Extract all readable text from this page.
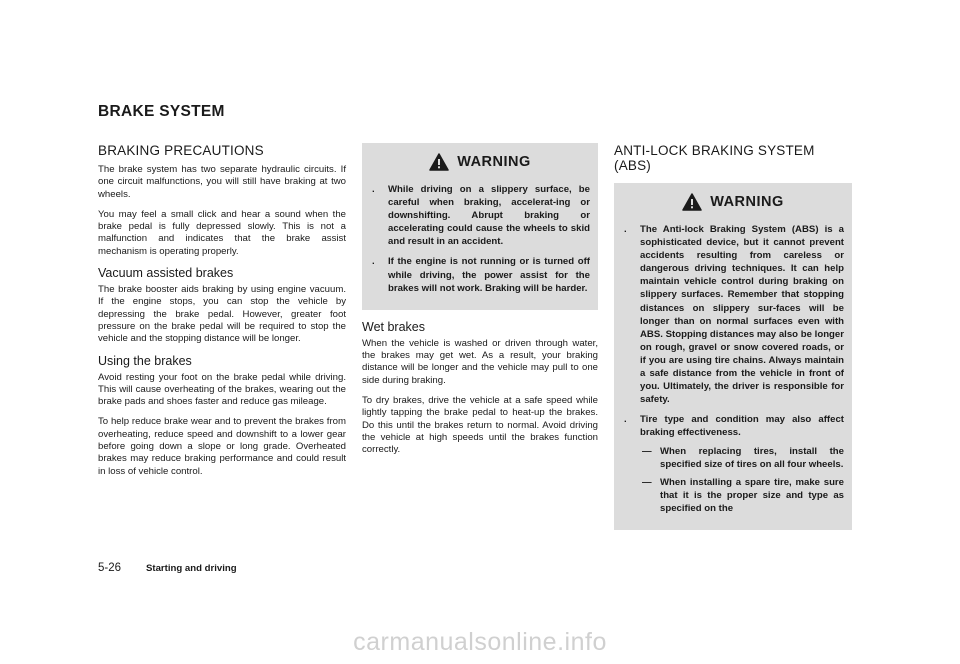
BRAKE SYSTEM
BRAKING PRECAUTIONS

The brake system has two separate hydraulic circuits. If one circuit malfunctions, you will still have braking at two wheels.

You may feel a small click and hear a sound when the brake pedal is fully depressed slowly. This is not a malfunction and indicates that the brake assist mechanism is operating properly.

Vacuum assisted brakes

The brake booster aids braking by using engine vacuum. If the engine stops, you can stop the vehicle by depressing the brake pedal. However, greater foot pressure on the brake pedal will be required to stop the vehicle and the stopping distance will be longer.

Using the brakes

Avoid resting your foot on the brake pedal while driving. This will cause overheating of the brakes, wearing out the brake pads and shoes faster and reduce gas mileage.

To help reduce brake wear and to prevent the brakes from overheating, reduce speed and downshift to a lower gear before going down a slope or long grade. Overheated brakes may reduce braking performance and could result in loss of vehicle control.

WARNING
. While driving on a slippery surface, be careful when braking, accelerat-ing or downshifting. Abrupt braking or accelerating could cause the wheels to skid and result in an accident.
. If the engine is not running or is turned off while driving, the power assist for the brakes will not work. Braking will be harder.
Wet brakes

When the vehicle is washed or driven through water, the brakes may get wet. As a result, your braking distance will be longer and the vehicle may pull to one side during braking.

To dry brakes, drive the vehicle at a safe speed while lightly tapping the brake pedal to heat-up the brakes. Do this until the brakes return to normal. Avoid driving the vehicle at high speeds until the brakes function correctly.

ANTI-LOCK BRAKING SYSTEM (ABS)
WARNING
. The Anti-lock Braking System (ABS) is a sophisticated device, but it cannot prevent accidents resulting from careless or dangerous driving techniques. It can help maintain vehicle control during braking on slippery surfaces. Remember that stopping distances on slippery sur-faces will be longer than on normal surfaces even with ABS. Stopping distances may also be longer on rough, gravel or snow covered roads, or if you are using tire chains. Always maintain a safe distance from the vehicle in front of you. Ultimately, the driver is responsible for safety.
. Tire type and condition may also affect braking effectiveness.
— When replacing tires, install the specified size of tires on all four wheels.
— When installing a spare tire, make sure that it is the proper size and type as specified on the
5-26	Starting and driving
carmanualsonline.info
